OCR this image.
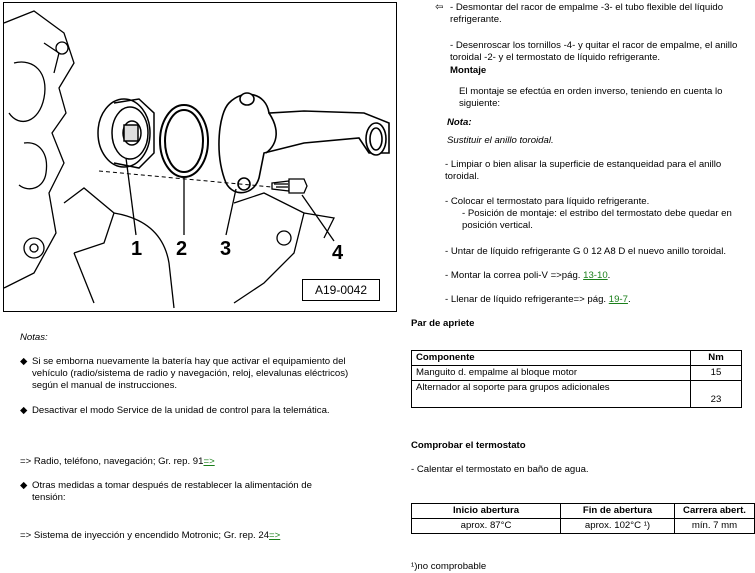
1 2 3	4
A19-0042
⇦ - Desmontar del racor de empalme -3- el tubo flexible del líquido refrigerante.
- Desenroscar los tornillos -4- y quitar el racor de empalme, el anillo toroidal -2- y el termostato de líquido refrigerante.
Montaje
El montaje se efectúa en orden inverso, teniendo en cuenta lo siguiente:
Nota:
Sustituir el anillo toroidal.
- Limpiar o bien alisar la superficie de estanqueidad para el anillo toroidal.
- Colocar el termostato para líquido refrigerante.
- Posición de montaje: el estribo del termostato debe quedar en posición vertical.
- Untar de líquido refrigerante G 0 12 A8 D el nuevo anillo toroidal.
- Montar la correa poli-V =>pág. 13-10.
- Llenar de líquido refrigerante=> pág. 19-7.
Par de apriete
Componente	Nm
Manguito d. empalme al bloque motor	15
Alternador al soporte para grupos adicionales	23
Comprobar el termostato
- Calentar el termostato en baño de agua.
Inicio abertura	Fin de abertura	Carrera abert.
aprox. 87°C	aprox. 102°C ¹)	mín. 7 mm
¹)no comprobable
Notas:
◆ Si se emborna nuevamente la batería hay que activar el equipamiento del vehículo (radio/sistema de radio y navegación, reloj, elevalunas eléctricos) según el manual de instrucciones.
◆ Desactivar el modo Service de la unidad de control para la telemática.
=> Radio, teléfono, navegación; Gr. rep. 91=>
◆ Otras medidas a tomar después de restablecer la alimentación de tensión:
=> Sistema de inyección y encendido Motronic; Gr. rep. 24=>
